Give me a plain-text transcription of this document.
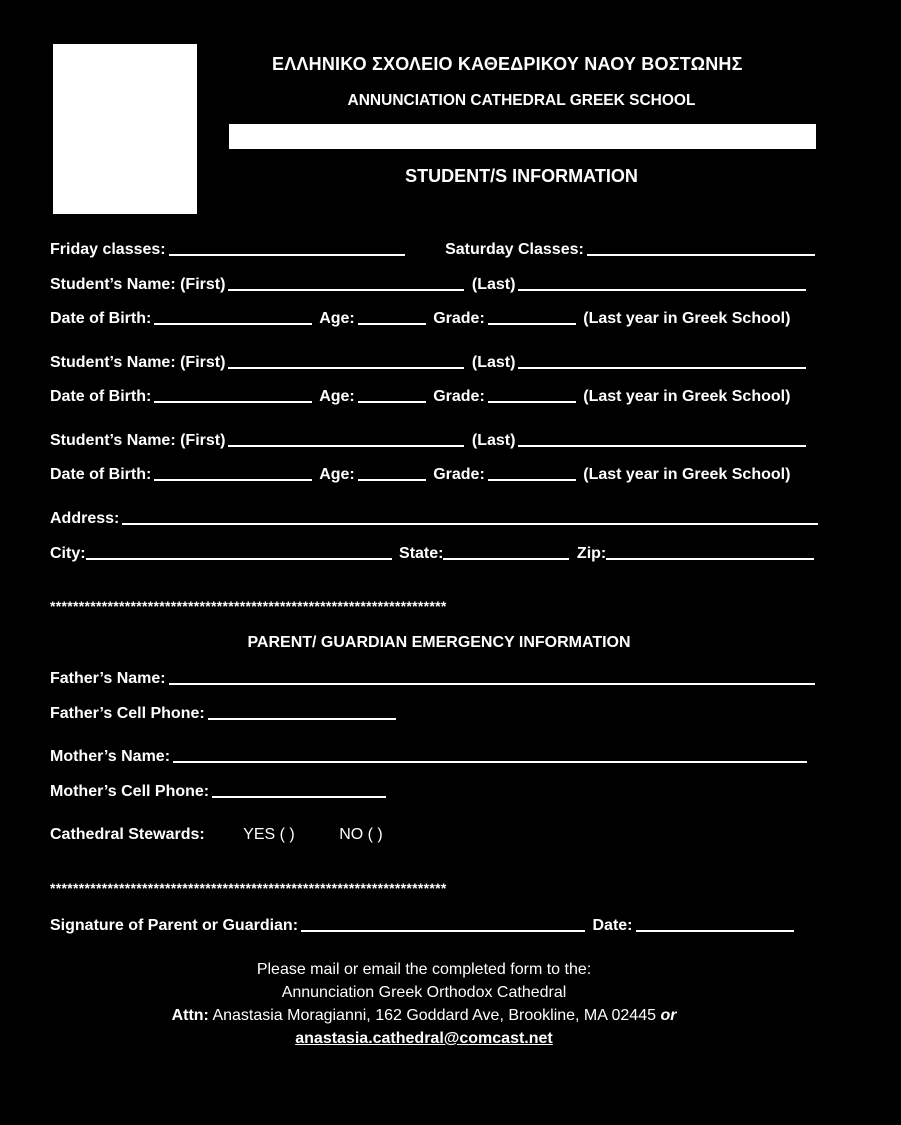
ΕΛΛΗΝΙΚΟ ΣΧΟΛΕΙΟ ΚΑΘΕΔΡΙΚΟΥ ΝΑΟΥ ΒΟΣΤΩΝΗΣ
ANNUNCIATION CATHEDRAL GREEK SCHOOL
STUDENT/S INFORMATION
Friday classes:	Saturday Classes:
Student’s Name: (First)	(Last)
Date of Birth:	Age:	Grade:	(Last year in Greek School)
Student’s Name: (First)	(Last)
Date of Birth:	Age:	Grade:	(Last year in Greek School)
Student’s Name: (First)	(Last)
Date of Birth:	Age:	Grade:	(Last year in Greek School)
Address:
City:	State:	Zip:
*********************************************************************
PARENT/ GUARDIAN EMERGENCY INFORMATION
Father’s Name:
Father’s Cell Phone:
Mother’s Name:
Mother’s Cell Phone:
Cathedral Stewards: YES ( )	NO ( )
*********************************************************************
Signature of Parent or Guardian:	Date:
Please mail or email the completed form to the:
Annunciation Greek Orthodox Cathedral
Attn: Anastasia Moragianni, 162 Goddard Ave, Brookline, MA 02445 or
anastasia.cathedral@comcast.net
